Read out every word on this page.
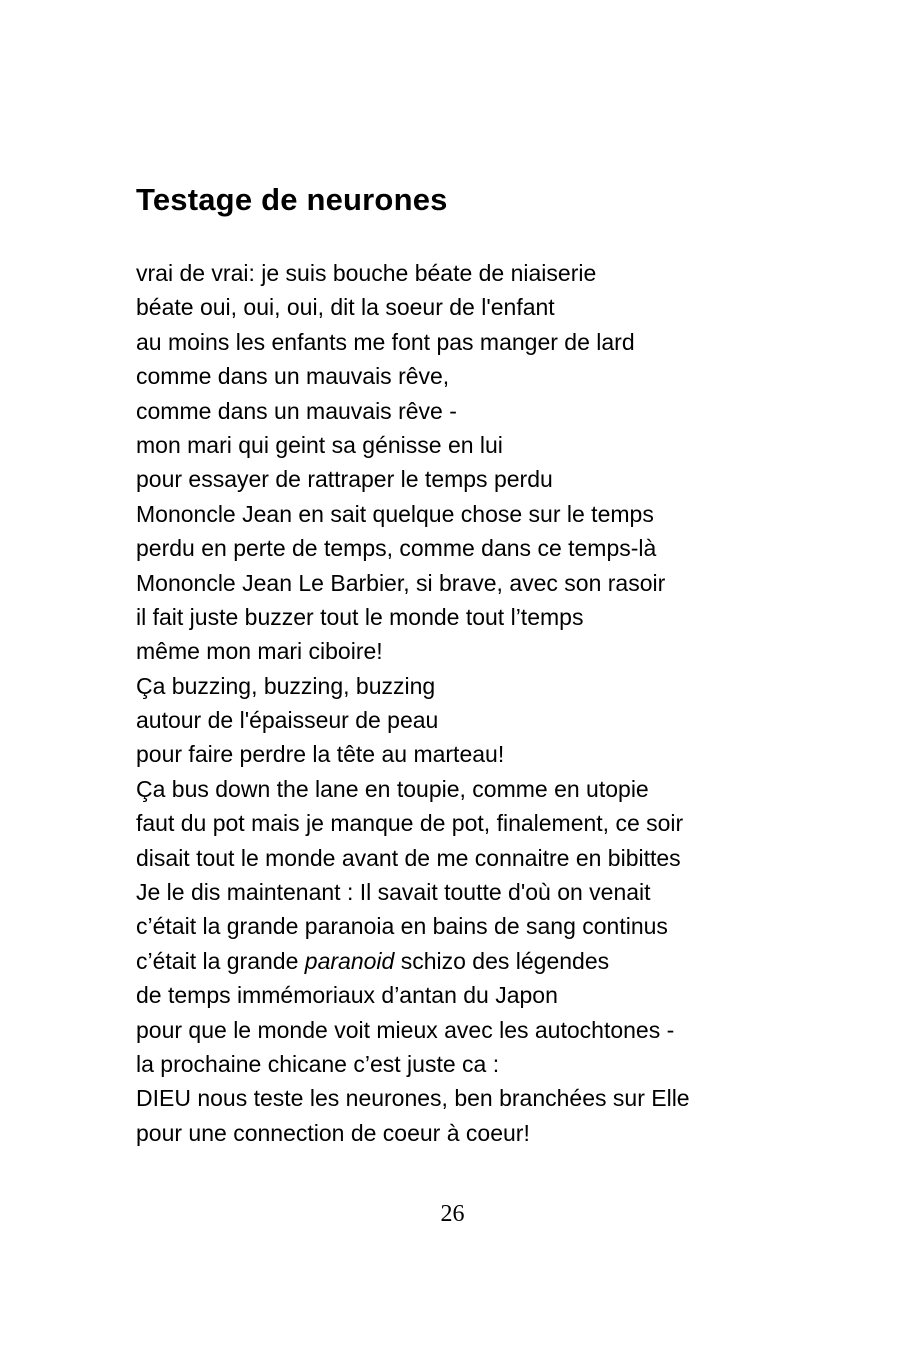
Testage de neurones
vrai de vrai: je suis bouche béate de niaiserie
béate oui, oui, oui, dit la soeur de l'enfant
au moins les enfants me font pas manger de lard
comme dans un mauvais rêve,
comme dans un mauvais rêve -
mon mari qui geint sa génisse en lui
pour essayer de rattraper le temps perdu
Mononcle Jean en sait quelque chose sur le temps
perdu en perte de temps, comme dans ce temps-là
Mononcle Jean Le Barbier, si brave, avec son rasoir
il fait juste buzzer tout le monde tout l’temps
même mon mari ciboire!
Ça buzzing, buzzing, buzzing
autour de l'épaisseur de peau
pour faire perdre la tête au marteau!
Ça bus down the lane en toupie, comme en utopie
faut du pot mais je manque de pot, finalement, ce soir
disait tout le monde avant de me connaitre en bibittes
Je le dis maintenant : Il savait toutte d'où on venait
c’était la grande paranoia en bains de sang continus
c’était la grande paranoid schizo des légendes
de temps immémoriaux d’antan du Japon
pour que le monde voit mieux avec les autochtones -
la prochaine chicane c’est juste ca :
DIEU nous teste les neurones, ben branchées sur Elle
pour une connection de coeur à coeur!
26
